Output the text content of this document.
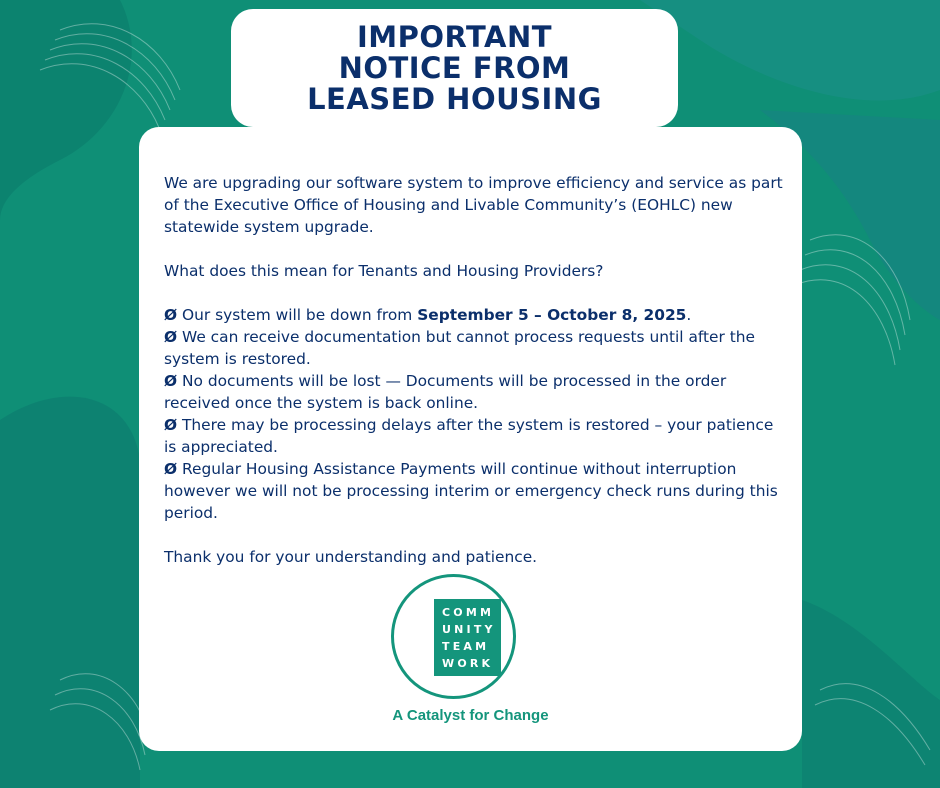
IMPORTANT
NOTICE FROM
LEASED HOUSING

We are upgrading our software system to improve efficiency and service as part of the Executive Office of Housing and Livable Community’s (EOHLC) new statewide system upgrade.

What does this mean for Tenants and Housing Providers?

Ø Our system will be down from September 5 – October 8, 2025.

Ø We can receive documentation but cannot process requests until after the system is restored.

Ø No documents will be lost — Documents will be processed in the order received once the system is back online.

Ø There may be processing delays after the system is restored – your patience is appreciated.

Ø Regular Housing Assistance Payments will continue without interruption however we will not be processing interim or emergency check runs during this period.

Thank you for your understanding and patience.

COMM
UNITY
TEAM
WORK
A Catalyst for Change
